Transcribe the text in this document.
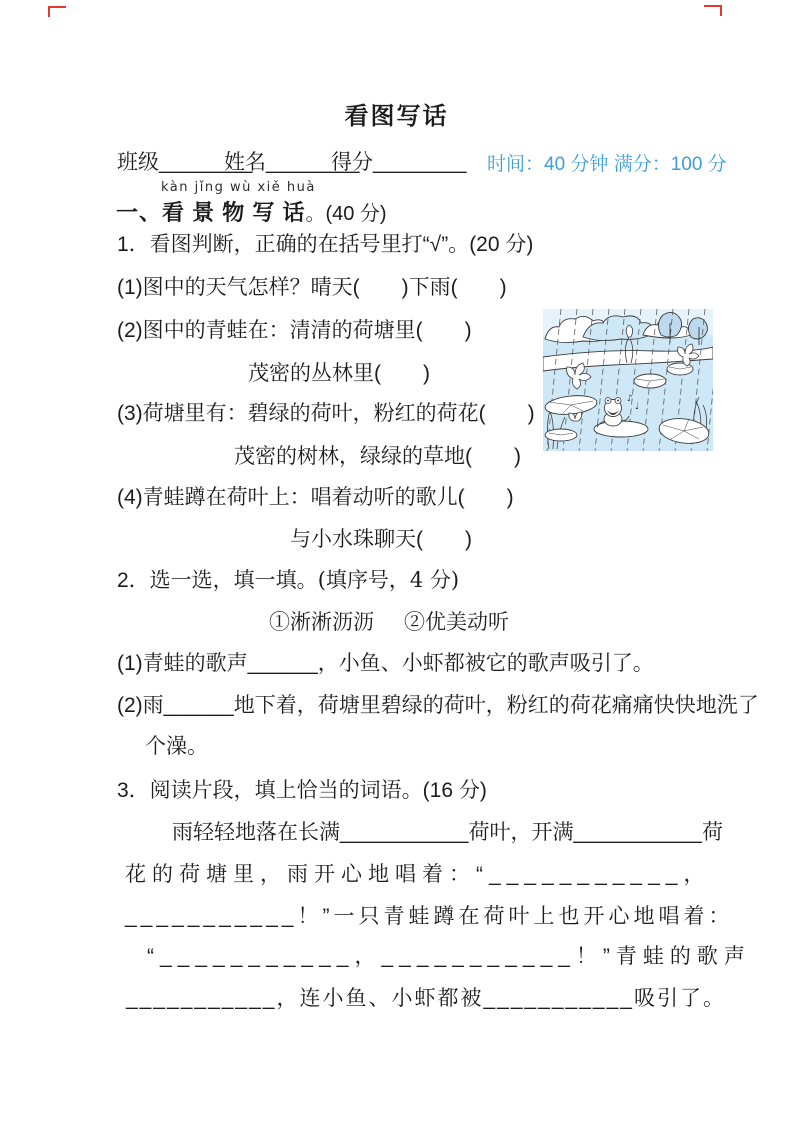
看图写话
班级________
姓名________
得分________ 时间：40 分钟 满分：100 分
kàn jǐng wù xiě huà
一、看 景 物 写 话。(40 分)
1．看图判断，正确的在括号里打“√”。(20 分)
(1)图中的天气怎样？晴天(　　)下雨(　　)
(2)图中的青蛙在：清清的荷塘里(　　)
茂密的丛林里(　　)
(3)荷塘里有：碧绿的荷叶，粉红的荷花(　　)
茂密的树林，绿绿的草地(　　)
(4)青蛙蹲在荷叶上：唱着动听的歌儿(　　)
与小水珠聊天(　　)
♪
♩
2．选一选，填一填。(填序号，4 分)
①淅淅沥沥 ②优美动听
(1)青蛙的歌声______，小鱼、小虾都被它的歌声吸引了。
(2)雨______地下着，荷塘里碧绿的荷叶，粉红的荷花痛痛快快地洗了
个澡。
3．阅读片段，填上恰当的词语。(16 分)
雨轻轻地落在长满___________荷叶，开满___________荷
花的荷塘里，雨开心地唱着：“___________，
___________！”一只青蛙蹲在荷叶上也开心地唱着：
“___________，___________！”青蛙的歌声
___________，连小鱼、小虾都被___________吸引了。
